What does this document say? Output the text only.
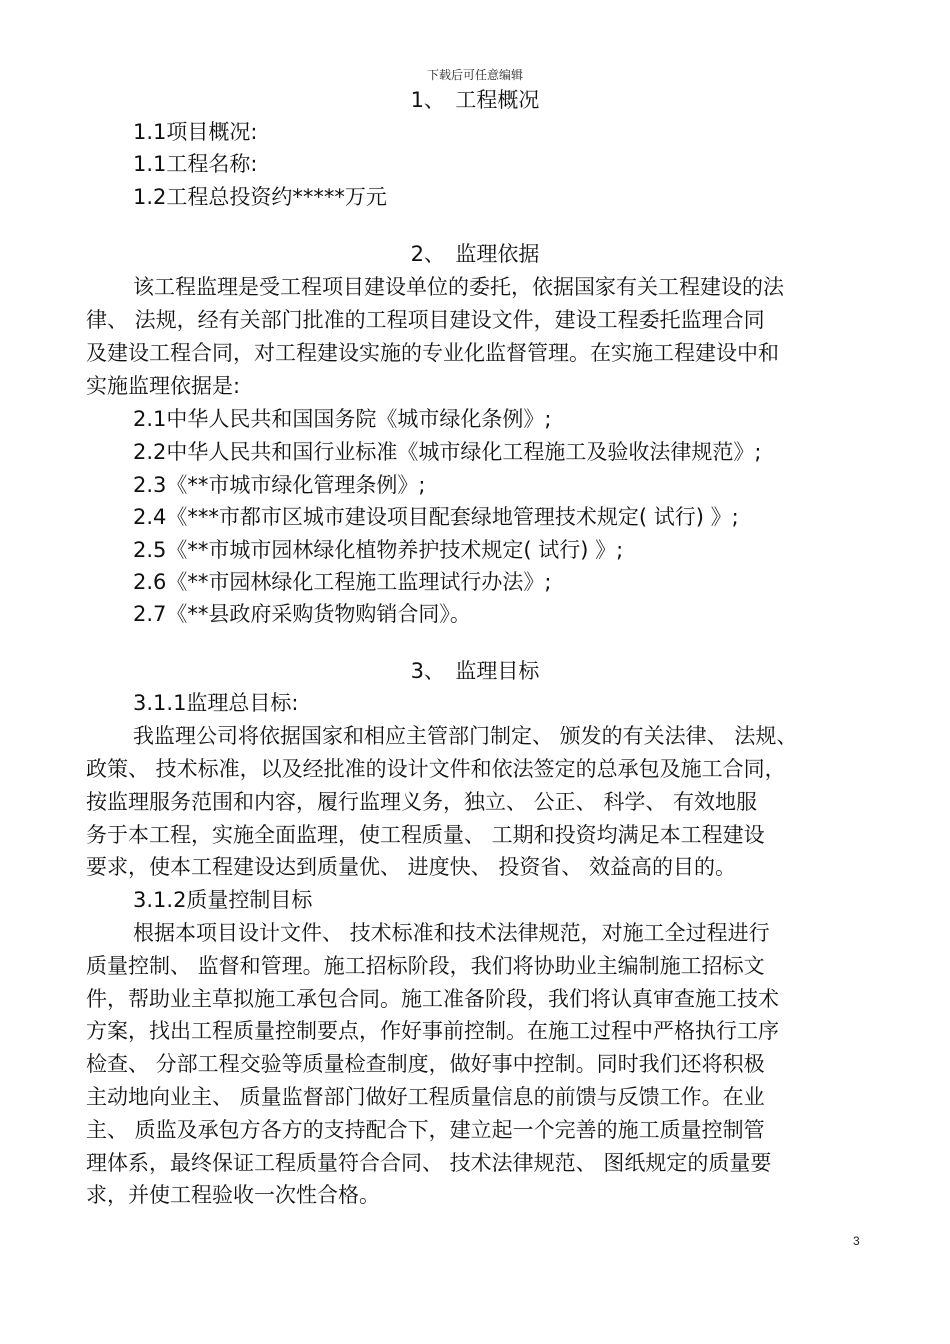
下载后可任意编辑
1、　工程概况
1.1项目概况:
1.1工程名称:
1.2工程总投资约*****万元
2、　监理依据
该工程监理是受工程项目建设单位的委托，依据国家有关工程建设的法
律、 法规，经有关部门批准的工程项目建设文件，建设工程委托监理合同
及建设工程合同，对工程建设实施的专业化监督管理。在实施工程建设中和
实施监理依据是:
2.1中华人民共和国国务院《城市绿化条例》;
2.2中华人民共和国行业标准《城市绿化工程施工及验收法律规范》;
2.3《**市城市绿化管理条例》;
2.4《***市都市区城市建设项目配套绿地管理技术规定( 试行) 》;
2.5《**市城市园林绿化植物养护技术规定( 试行) 》;
2.6《**市园林绿化工程施工监理试行办法》;
2.7《**县政府采购货物购销合同》。
3、　监理目标
3.1.1监理总目标:
我监理公司将依据国家和相应主管部门制定、 颁发的有关法律、 法规、
政策、 技术标准，以及经批准的设计文件和依法签定的总承包及施工合同，
按监理服务范围和内容，履行监理义务，独立、 公正、 科学、 有效地服
务于本工程，实施全面监理，使工程质量、 工期和投资均满足本工程建设
要求，使本工程建设达到质量优、 进度快、 投资省、 效益高的目的。
3.1.2质量控制目标
根据本项目设计文件、 技术标准和技术法律规范，对施工全过程进行
质量控制、 监督和管理。施工招标阶段，我们将协助业主编制施工招标文
件，帮助业主草拟施工承包合同。施工准备阶段，我们将认真审查施工技术
方案，找出工程质量控制要点，作好事前控制。在施工过程中严格执行工序
检查、 分部工程交验等质量检查制度，做好事中控制。同时我们还将积极
主动地向业主、 质量监督部门做好工程质量信息的前馈与反馈工作。在业
主、 质监及承包方各方的支持配合下，建立起一个完善的施工质量控制管
理体系，最终保证工程质量符合合同、 技术法律规范、 图纸规定的质量要
求，并使工程验收一次性合格。
3
